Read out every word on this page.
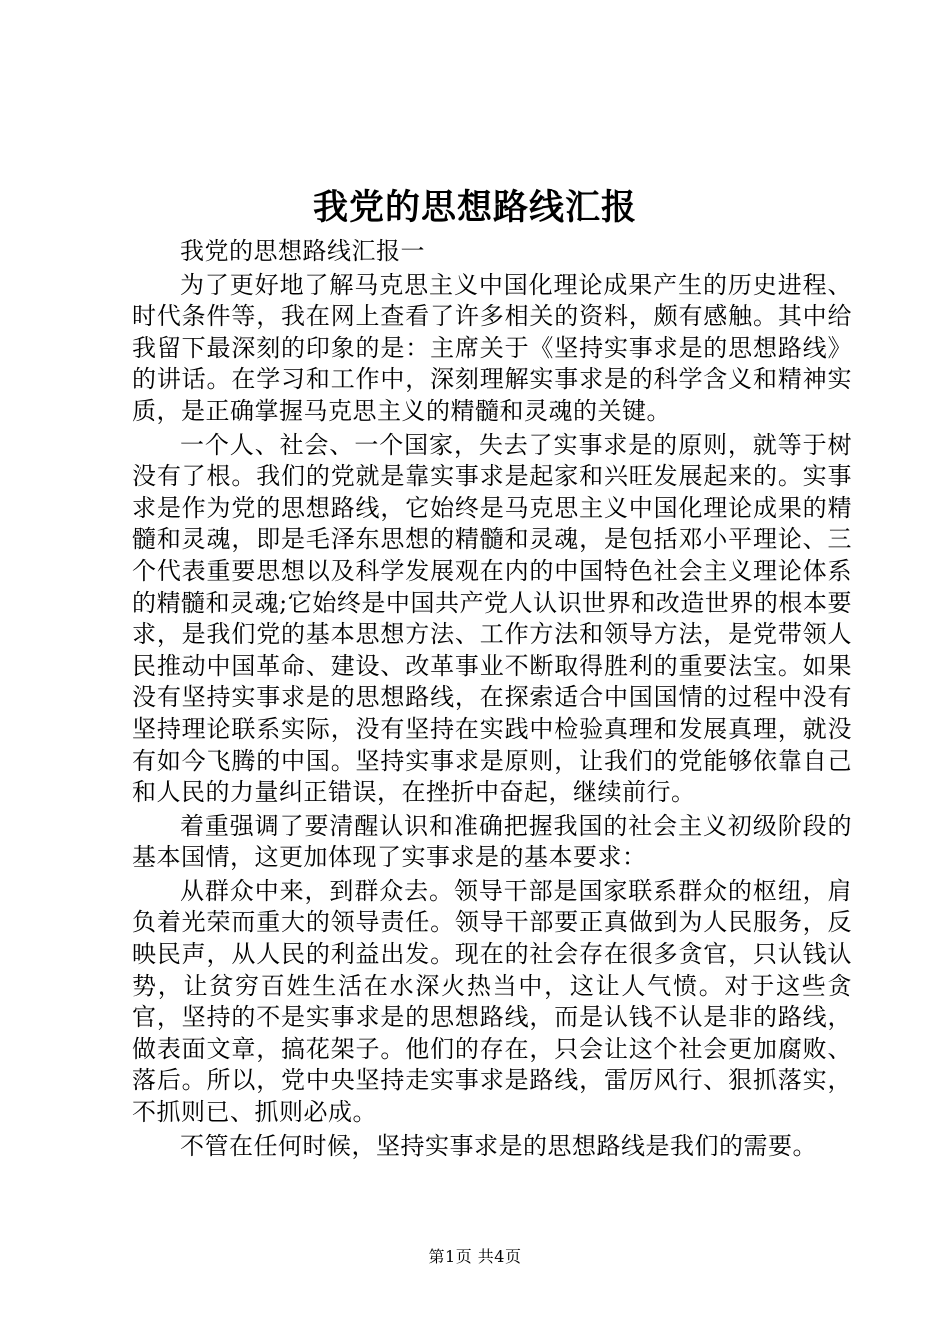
我党的思想路线汇报

我党的思想路线汇报一

为了更好地了解马克思主义中国化理论成果产生的历史进程、时代条件等，我在网上查看了许多相关的资料，颇有感触。其中给我留下最深刻的印象的是：主席关于《坚持实事求是的思想路线》的讲话。在学习和工作中，深刻理解实事求是的科学含义和精神实质，是正确掌握马克思主义的精髓和灵魂的关键。

一个人、社会、一个国家，失去了实事求是的原则，就等于树没有了根。我们的党就是靠实事求是起家和兴旺发展起来的。实事求是作为党的思想路线，它始终是马克思主义中国化理论成果的精髓和灵魂，即是毛泽东思想的精髓和灵魂，是包括邓小平理论、三个代表重要思想以及科学发展观在内的中国特色社会主义理论体系的精髓和灵魂;它始终是中国共产党人认识世界和改造世界的根本要求，是我们党的基本思想方法、工作方法和领导方法，是党带领人民推动中国革命、建设、改革事业不断取得胜利的重要法宝。如果没有坚持实事求是的思想路线，在探索适合中国国情的过程中没有坚持理论联系实际，没有坚持在实践中检验真理和发展真理，就没有如今飞腾的中国。坚持实事求是原则，让我们的党能够依靠自己和人民的力量纠正错误，在挫折中奋起，继续前行。

着重强调了要清醒认识和准确把握我国的社会主义初级阶段的基本国情，这更加体现了实事求是的基本要求：

从群众中来，到群众去。领导干部是国家联系群众的枢纽，肩负着光荣而重大的领导责任。领导干部要正真做到为人民服务，反映民声，从人民的利益出发。现在的社会存在很多贪官，只认钱认势，让贫穷百姓生活在水深火热当中，这让人气愤。对于这些贪官，坚持的不是实事求是的思想路线，而是认钱不认是非的路线，做表面文章，搞花架子。他们的存在，只会让这个社会更加腐败、落后。所以，党中央坚持走实事求是路线，雷厉风行、狠抓落实，不抓则已、抓则必成。

不管在任何时候，坚持实事求是的思想路线是我们的需要。

第1页 共4页
